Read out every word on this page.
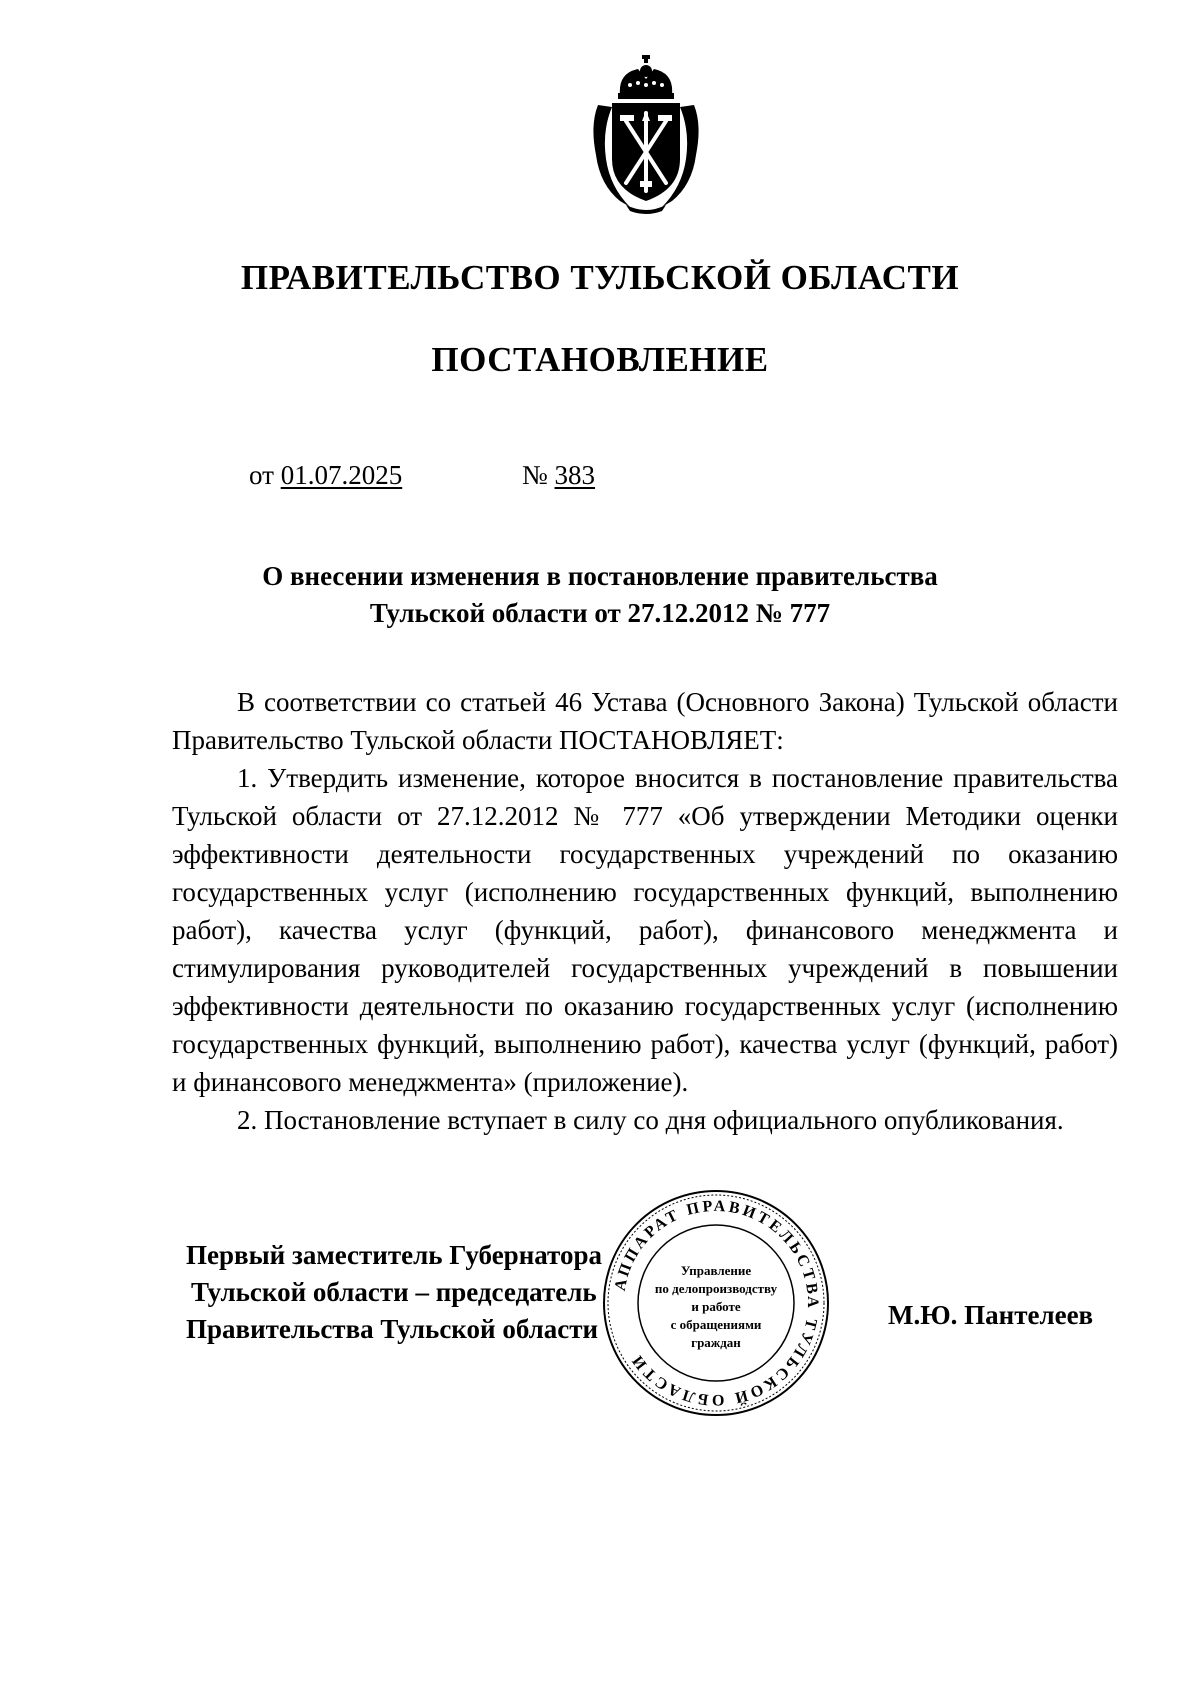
ПРАВИТЕЛЬСТВО ТУЛЬСКОЙ ОБЛАСТИ
ПОСТАНОВЛЕНИЕ
от 01.07.2025	№ 383
О внесении изменения в постановление правительства
Тульской области от 27.12.2012 № 777

В соответствии со статьей 46 Устава (Основного Закона) Тульской области Правительство Тульской области ПОСТАНОВЛЯЕТ:

1. Утвердить изменение, которое вносится в постановление правительства Тульской области от 27.12.2012 № 777 «Об утверждении Методики оценки эффективности деятельности государственных учреждений по оказанию государственных услуг (исполнению государственных функций, выполнению работ), качества услуг (функций, работ), финансового менеджмента и стимулирования руководителей государственных учреждений в повышении эффективности деятельности по оказанию государственных услуг (исполнению государственных функций, выполнению работ), качества услуг (функций, работ) и финансового менеджмента» (приложение).

2. Постановление вступает в силу со дня официального опубликования.

Первый заместитель Губернатора
Тульской области – председатель
Правительства Тульской области
АППАРАТ ПРАВИТЕЛЬСТВА ТУЛЬСКОЙ ОБЛАСТИ
Управление
по делопроизводству
и работе
с обращениями
граждан
М.Ю. Пантелеев
